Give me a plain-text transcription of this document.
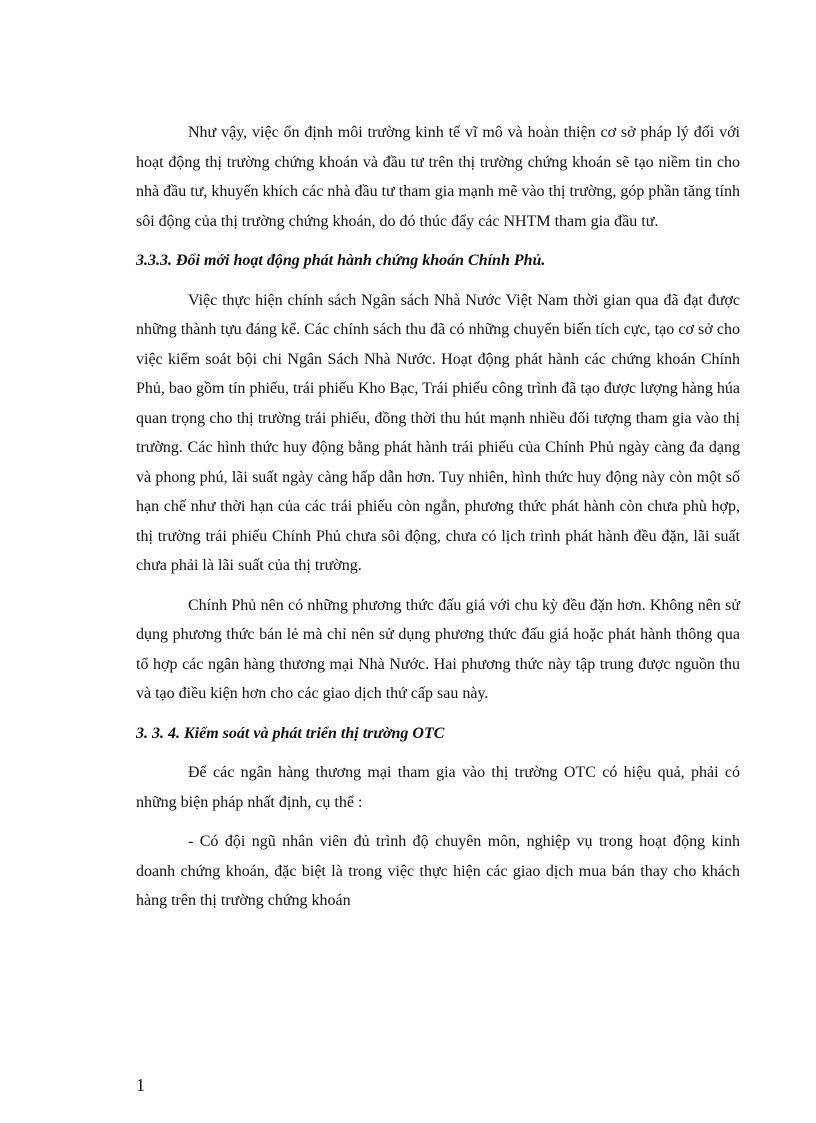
Như vậy, việc ổn định môi trường kinh tế vĩ mô và hoàn thiện cơ sở pháp lý đối với hoạt động thị trường chứng khoán và đầu tư trên thị trường chứng khoán sẽ tạo niềm tin cho nhà đầu tư, khuyến khích các nhà đầu tư tham gia mạnh mẽ vào thị trường, góp phần tăng tính sôi động của thị trường chứng khoán, do đó thúc đẩy các NHTM tham gia đầu tư.

3.3.3. Đổi mới hoạt động phát hành chứng khoán Chính Phủ.

Việc thực hiện chính sách Ngân sách Nhà Nước Việt Nam thời gian qua đã đạt được những thành tựu đáng kể. Các chính sách thu đã có những chuyển biến tích cực, tạo cơ sở cho việc kiểm soát bội chi Ngân Sách Nhà Nước. Hoạt động phát hành các chứng khoán Chính Phủ, bao gồm tín phiếu, trái phiếu Kho Bạc, Trái phiếu công trình đã tạo được lượng hàng húa quan trọng cho thị trường trái phiếu, đồng thời thu hút mạnh nhiều đối tượng tham gia vào thị trường. Các hình thức huy động bằng phát hành trái phiếu của Chính Phủ ngày càng đa dạng và phong phú, lãi suất ngày càng hấp dẫn hơn. Tuy nhiên, hình thức huy động này còn một số hạn chế như thời hạn của các trái phiếu còn ngắn, phương thức phát hành còn chưa phù hợp, thị trường trái phiếu Chính Phủ chưa sôi động, chưa có lịch trình phát hành đều đặn, lãi suất chưa phải là lãi suất của thị trường.

Chính Phủ nên có những phương thức đấu giá với chu kỳ đều đặn hơn. Không nên sử dụng phương thức bán lẻ mà chỉ nên sử dụng phương thức đấu giá hoặc phát hành thông qua tổ hợp các ngân hàng thương mại Nhà Nước. Hai phương thức này tập trung được nguồn thu và tạo điều kiện hơn cho các giao dịch thứ cấp sau này.

3. 3. 4. Kiểm soát và phát triển thị trường OTC

Để các ngân hàng thương mại tham gia vào thị trường OTC có hiệu quả, phải có những biện pháp nhất định, cụ thể :

- Có đội ngũ nhân viên đủ trình độ chuyên môn, nghiệp vụ trong hoạt động kinh doanh chứng khoán, đặc biệt là trong việc thực hiện các giao dịch mua bán thay cho khách hàng trên thị trường chứng khoán

1
